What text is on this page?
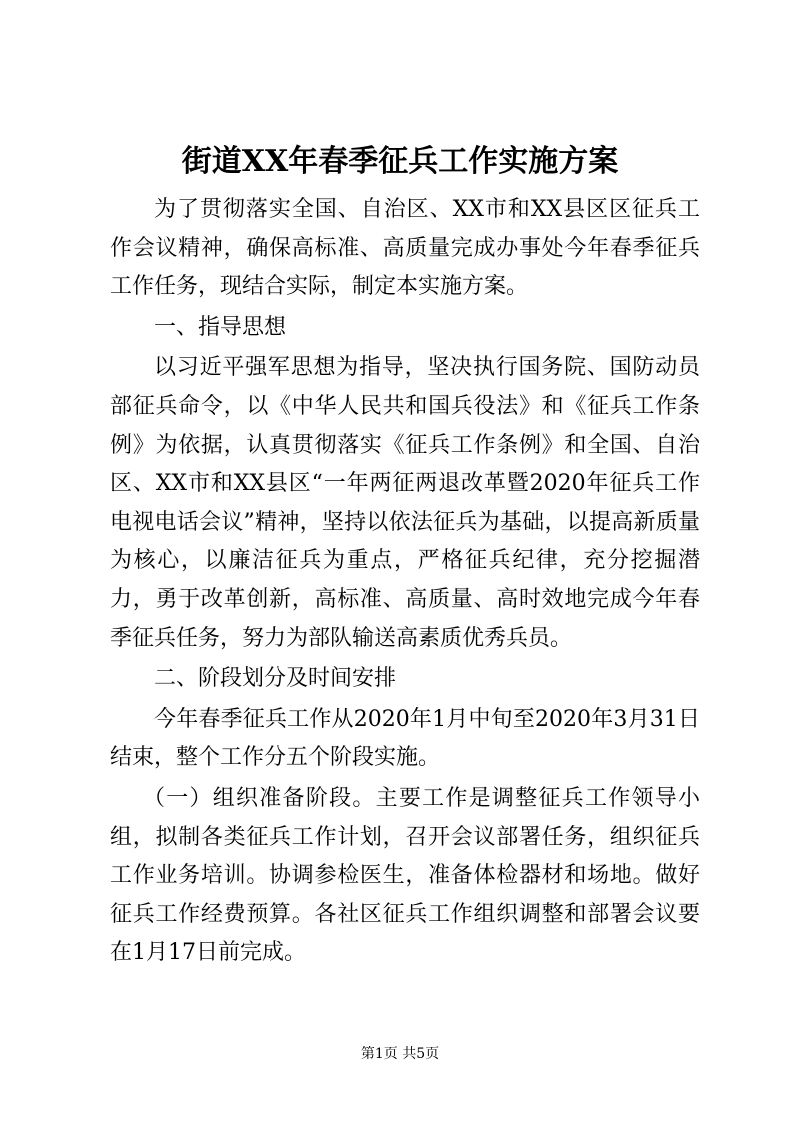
街道XX年春季征兵工作实施方案

为了贯彻落实全国、自治区、XX市和XX县区区征兵工作会议精神，确保高标准、高质量完成办事处今年春季征兵工作任务，现结合实际，制定本实施方案。

一、指导思想

以习近平强军思想为指导，坚决执行国务院、国防动员部征兵命令，以《中华人民共和国兵役法》和《征兵工作条例》为依据，认真贯彻落实《征兵工作条例》和全国、自治区、XX市和XX县区“一年两征两退改革暨2020年征兵工作电视电话会议”精神，坚持以依法征兵为基础，以提高新质量为核心，以廉洁征兵为重点，严格征兵纪律，充分挖掘潜力，勇于改革创新，高标准、高质量、高时效地完成今年春季征兵任务，努力为部队输送高素质优秀兵员。

二、阶段划分及时间安排

今年春季征兵工作从2020年1月中旬至2020年3月31日结束，整个工作分五个阶段实施。

（一）组织准备阶段。主要工作是调整征兵工作领导小组，拟制各类征兵工作计划，召开会议部署任务，组织征兵工作业务培训。协调参检医生，准备体检器材和场地。做好征兵工作经费预算。各社区征兵工作组织调整和部署会议要在1月17日前完成。

第1页 共5页
